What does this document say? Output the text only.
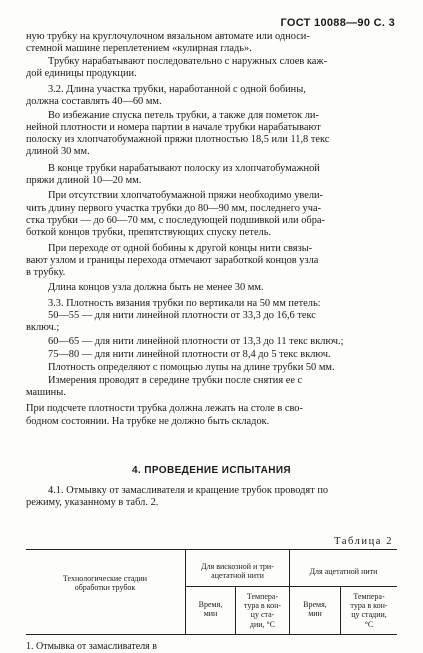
ГОСТ 10088—90 С. 3
ную трубку на круглочулочном вязальном автомате или односи-
стемной машине переплетением «кулирная гладь».
Трубку нарабатывают последовательно с наружных слоев каж-
дой единицы продукции.
3.2. Длина участка трубки, наработанной с одной бобины,
должна составлять 40—60 мм.
Во избежание спуска петель трубки, а также для пометок ли-
нейной плотности и номера партии в начале трубки нарабатывают
полоску из хлопчатобумажной пряжи плотностью 18,5 или 11,8 текс
длиной 30 мм.
В конце трубки нарабатывают полоску из хлопчатобумажной
пряжи длиной 10—20 мм.
При отсутствии хлопчатобумажной пряжи необходимо увели-
чить длину первого участка трубки до 80—90 мм, последнего уча-
стка трубки — до 60—70 мм, с последующей подшивкой или обра-
боткой концов трубки, препятствующих спуску петель.
При переходе от одной бобины к другой концы нити связы-
вают узлом и границы перехода отмечают заработкой концов узла
в трубку.
Длина концов узла должна быть не менее 30 мм.
3.3. Плотность вязания трубки по вертикали на 50 мм петель:
50—55 — для нити линейной плотности от 33,3 до 16,6 текс
включ.;
60—65 — для нити линейной плотности от 13,3 до 11 текс включ.;
75—80 — для нити линейной плотности от 8,4 до 5 текс включ.
Плотность определяют с помощью лупы на длине трубки 50 мм.
Измерения проводят в середине трубки после снятия ее с
машины.
При подсчете плотности трубка должна лежать на столе в сво-
бодном состоянии. На трубке не должно быть складок.
4. ПРОВЕДЕНИЕ ИСПЫТАНИЯ
4.1. Отмывку от замасливателя и кращение трубок проводят по
режиму, указанному в табл. 2.
Таблица 2
Технологические стадии
обработки трубок
Для вискозной и три-
ацетатной нити	Для ацетатной нити
Время,
мин
Темпера-
тура в кон-
цу ста-
дии, °С
Время,
мин
Темпера-
тура в кон-
цу стадии,
°С
1. Отмывка от замасливателя в
